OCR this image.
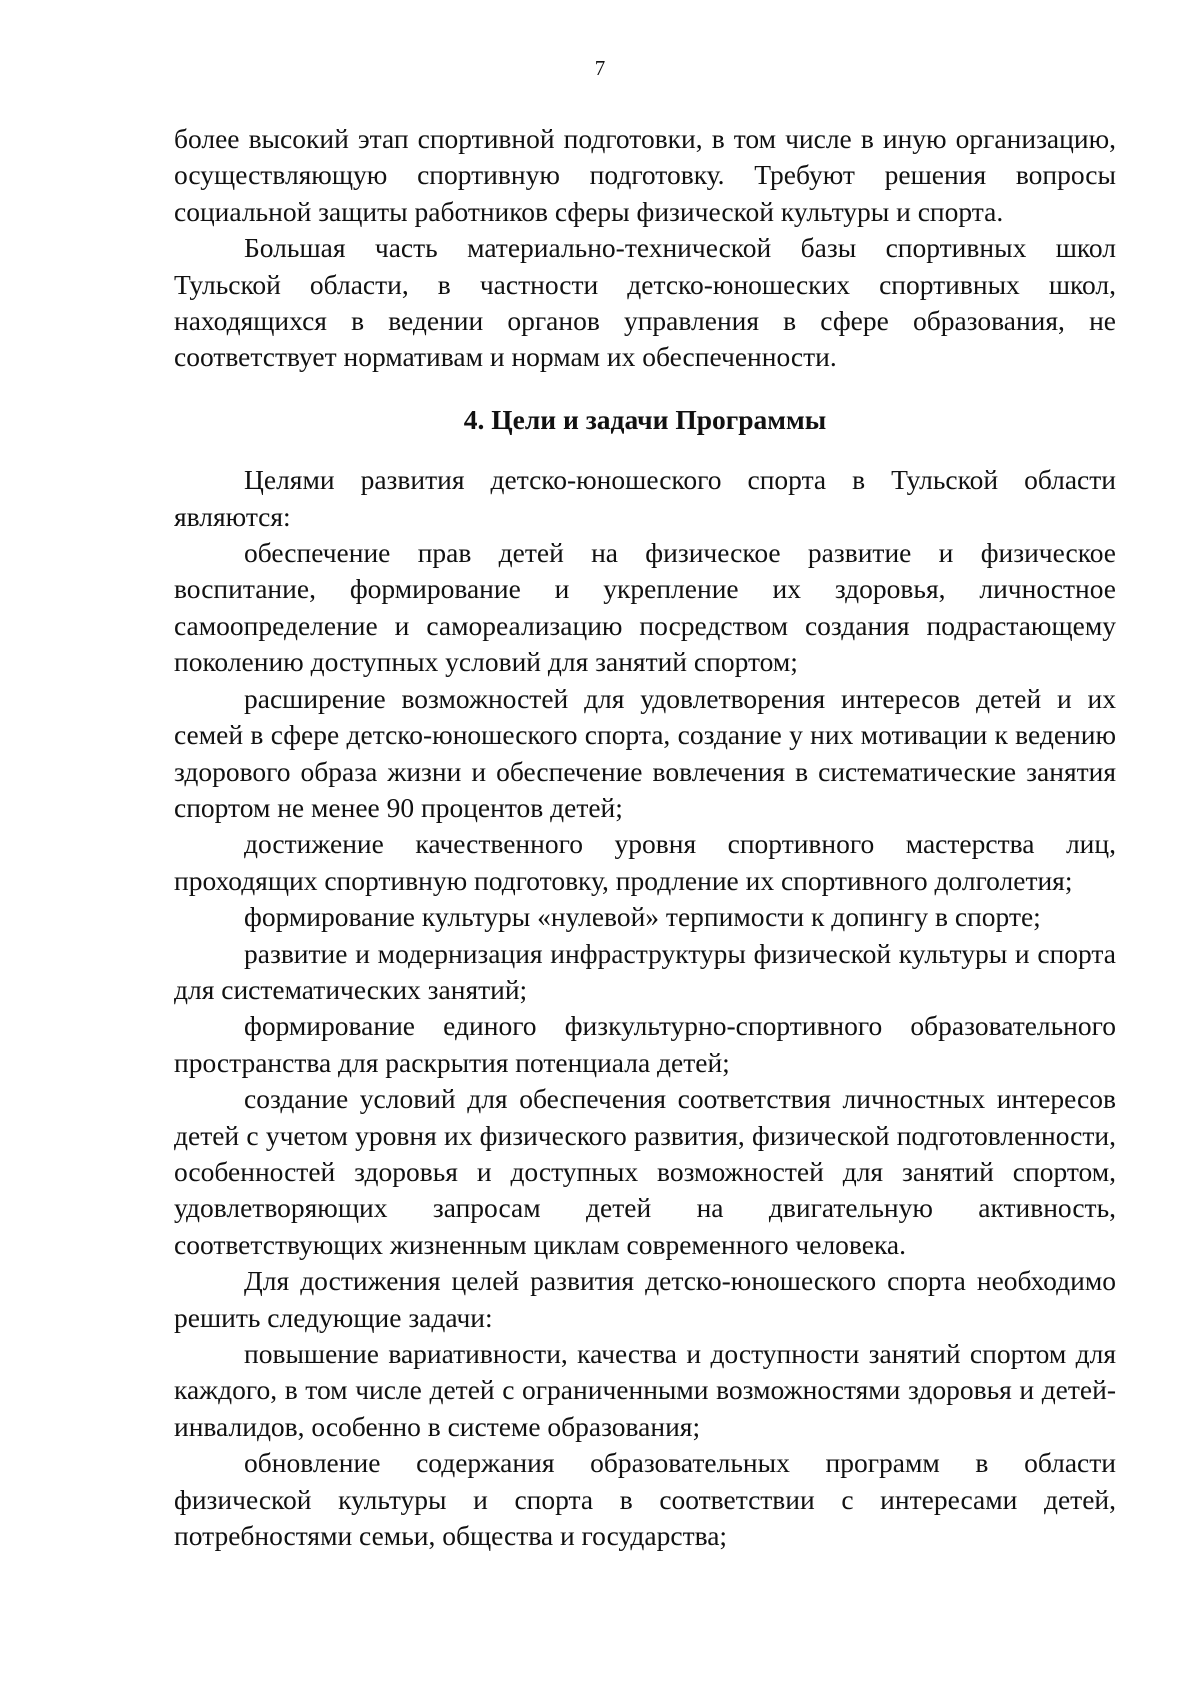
7

более высокий этап спортивной подготовки, в том числе в иную организацию, осуществляющую спортивную подготовку. Требуют решения вопросы социальной защиты работников сферы физической культуры и спорта.

Большая часть материально-технической базы спортивных школ Тульской области, в частности детско-юношеских спортивных школ, находящихся в ведении органов управления в сфере образования, не соответствует нормативам и нормам их обеспеченности.

4. Цели и задачи Программы

Целями развития детско-юношеского спорта в Тульской области являются:

обеспечение прав детей на физическое развитие и физическое воспитание, формирование и укрепление их здоровья, личностное самоопределение и самореализацию посредством создания подрастающему поколению доступных условий для занятий спортом;

расширение возможностей для удовлетворения интересов детей и их семей в сфере детско-юношеского спорта, создание у них мотивации к ведению здорового образа жизни и обеспечение вовлечения в систематические занятия спортом не менее 90 процентов детей;

достижение качественного уровня спортивного мастерства лиц, проходящих спортивную подготовку, продление их спортивного долголетия;

формирование культуры «нулевой» терпимости к допингу в спорте;

развитие и модернизация инфраструктуры физической культуры и спорта для систематических занятий;

формирование единого физкультурно-спортивного образовательного пространства для раскрытия потенциала детей;

создание условий для обеспечения соответствия личностных интересов детей с учетом уровня их физического развития, физической подготовленности, особенностей здоровья и доступных возможностей для занятий спортом, удовлетворяющих запросам детей на двигательную активность, соответствующих жизненным циклам современного человека.

Для достижения целей развития детско-юношеского спорта необходимо решить следующие задачи:

повышение вариативности, качества и доступности занятий спортом для каждого, в том числе детей с ограниченными возможностями здоровья и детей-инвалидов, особенно в системе образования;

обновление содержания образовательных программ в области физической культуры и спорта в соответствии с интересами детей, потребностями семьи, общества и государства;
